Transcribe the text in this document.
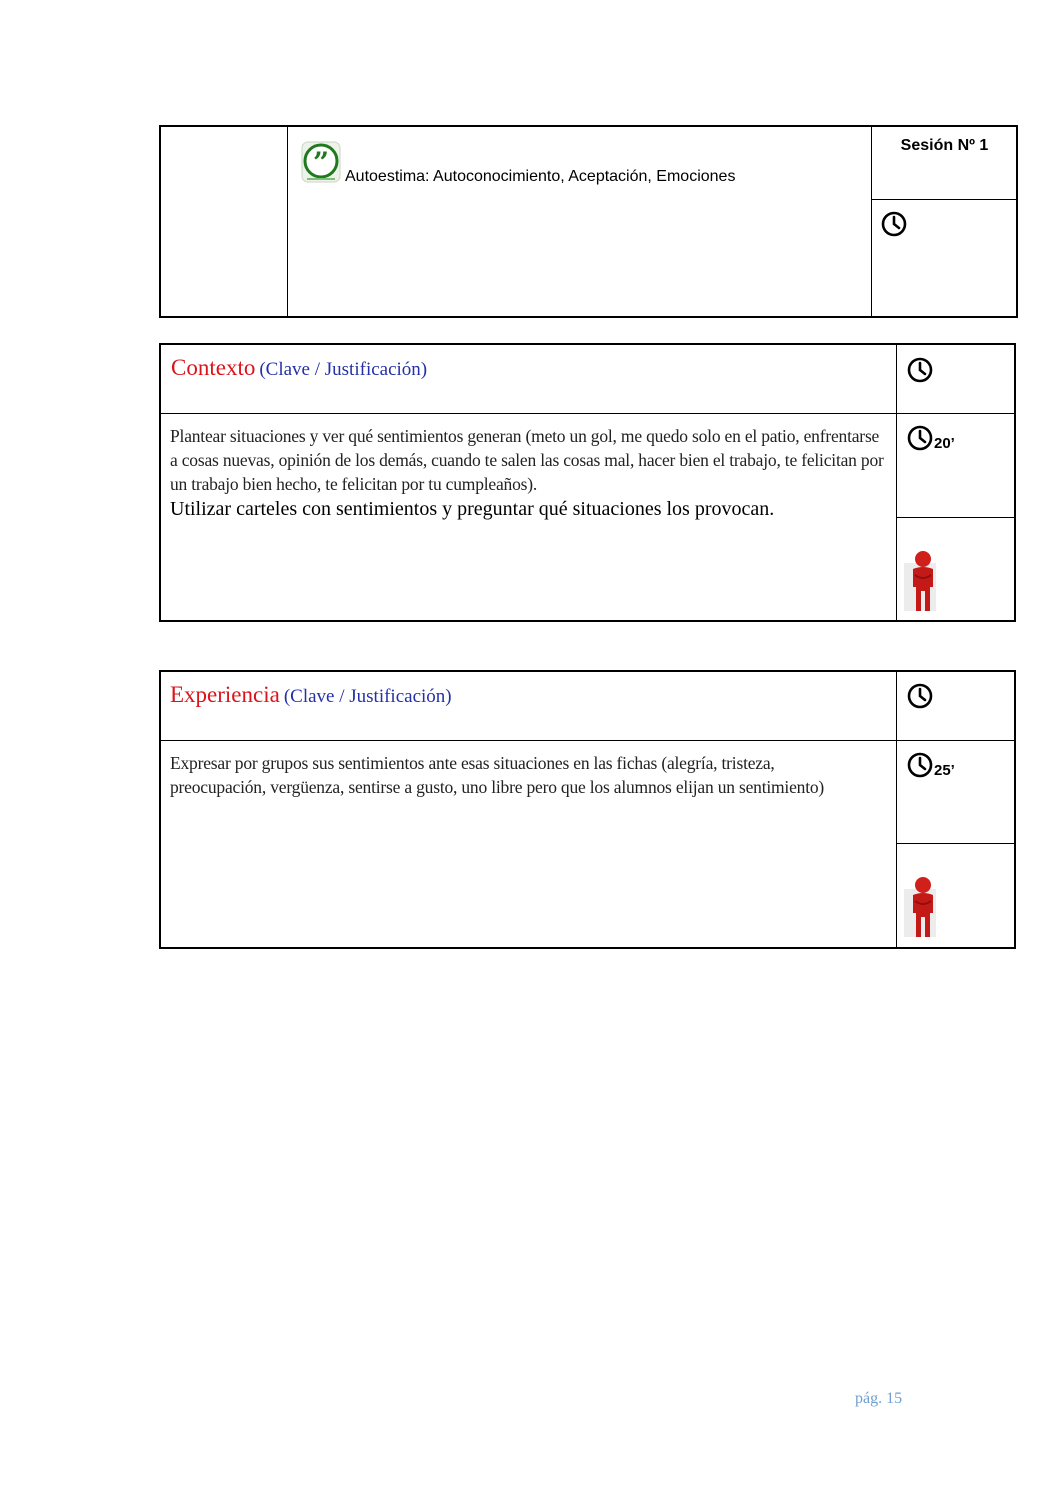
” Autoestima: Autoconocimiento, Aceptación, Emociones
Sesión Nº 1
Contexto (Clave / Justificación)
Plantear situaciones y ver qué sentimientos generan (meto un gol, me quedo solo en el patio, enfrentarse a cosas nuevas, opinión de los demás, cuando te salen las cosas mal, hacer bien el trabajo, te felicitan por un trabajo bien hecho, te felicitan por tu cumpleaños).
Utilizar carteles con sentimientos y preguntar qué situaciones los provocan.
20’
Experiencia (Clave / Justificación)
Expresar por grupos sus sentimientos ante esas situaciones en las fichas (alegría, tristeza, preocupación, vergüenza, sentirse a gusto, uno libre pero que los alumnos elijan un sentimiento)
25’
pág. 15
